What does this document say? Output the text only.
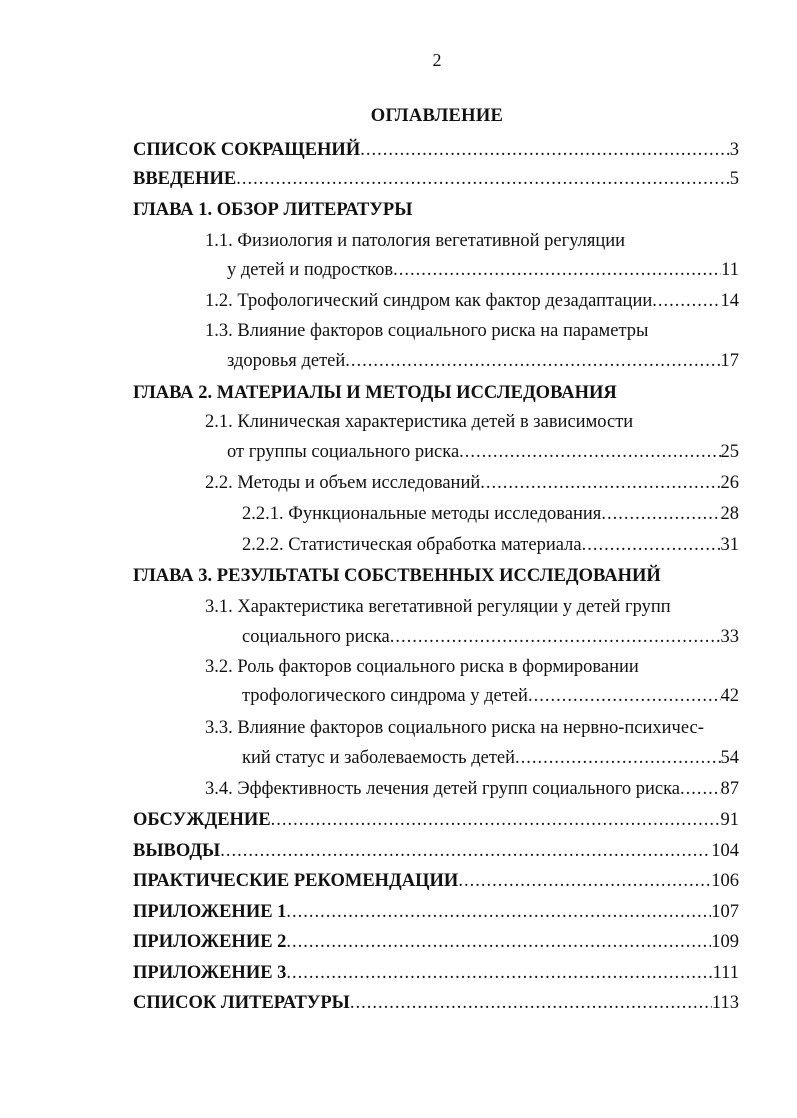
2
ОГЛАВЛЕНИЕ
СПИСОК СОКРАЩЕНИЙ .....	3
ВВЕДЕНИЕ .....	5
ГЛАВА 1. ОБЗОР ЛИТЕРАТУРЫ
1.1. Физиология и патология вегетативной регуляции
у детей и подростков .....	11
1.2. Трофологический синдром как фактор дезадаптации .....	14
1.3. Влияние факторов социального риска на параметры
здоровья детей .....	17
ГЛАВА 2. МАТЕРИАЛЫ И МЕТОДЫ ИССЛЕДОВАНИЯ
2.1. Клиническая характеристика детей в зависимости
от группы социального риска .....	25
2.2. Методы и объем исследований .....	26
2.2.1. Функциональные методы исследования .....	28
2.2.2. Статистическая обработка материала .....	31
ГЛАВА 3. РЕЗУЛЬТАТЫ СОБСТВЕННЫХ ИССЛЕДОВАНИЙ
3.1. Характеристика вегетативной регуляции у детей групп
социального риска .....	33
3.2. Роль факторов социального риска в формировании
трофологического синдрома у детей .....	42
3.3. Влияние факторов социального риска на нервно-психичес-
кий статус и заболеваемость детей .....	54
3.4. Эффективность лечения детей групп социального риска ..... 87
ОБСУЖДЕНИЕ .....	91
ВЫВОДЫ .....	104
ПРАКТИЧЕСКИЕ РЕКОМЕНДАЦИИ .....	106
ПРИЛОЖЕНИЕ 1 .....	107
ПРИЛОЖЕНИЕ 2 .....	109
ПРИЛОЖЕНИЕ 3 .....	111
СПИСОК ЛИТЕРАТУРЫ .....	113
